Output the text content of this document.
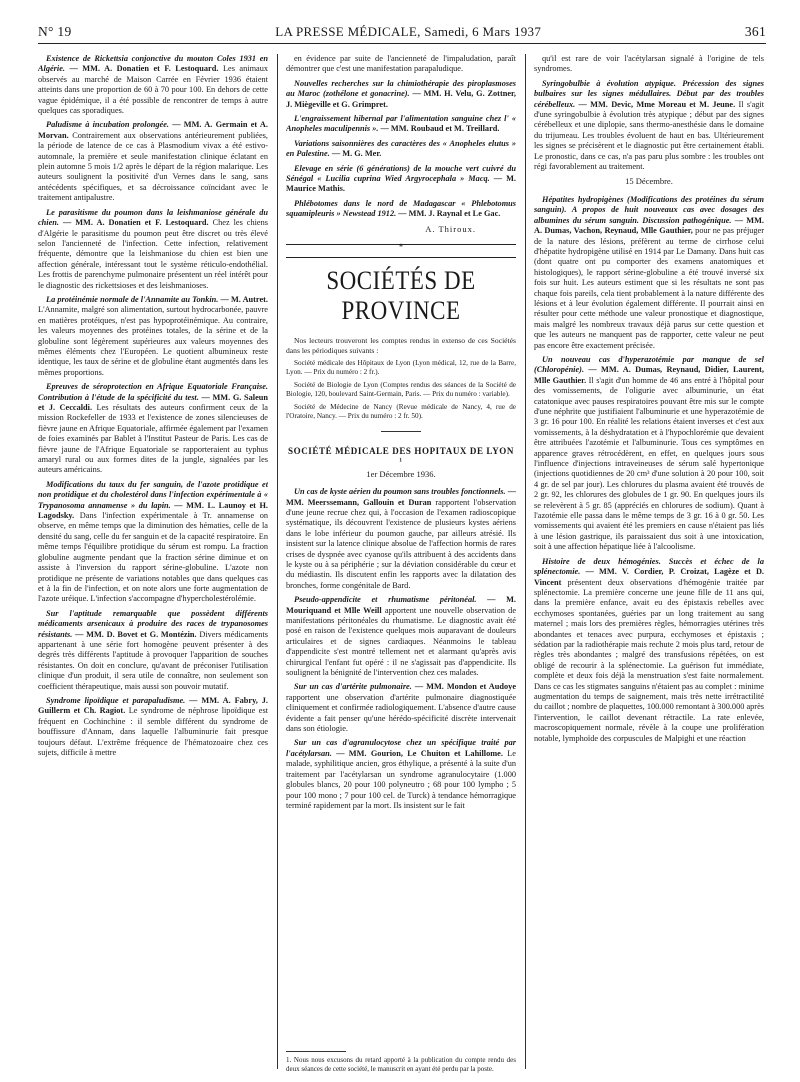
N° 19	LA PRESSE MÉDICALE, Samedi, 6 Mars 1937	361

Existence de Rickettsia conjonctive du mouton Coles 1931 en Algérie. — MM. A. Donatien et F. Lestoquard. Les animaux observés au marché de Maison Carrée en Février 1936 étaient atteints dans une proportion de 60 à 70 pour 100. En dehors de cette vague épidémique, il a été possible de rencontrer de temps à autre quelques cas sporadiques.

Paludisme à incubation prolongée. — MM. A. Germain et A. Morvan. Contrairement aux observations antérieurement publiées, la période de latence de ce cas à Plasmodium vivax a été estivo-automnale, la première et seule manifestation clinique éclatant en plein automne 5 mois 1/2 après le départ de la région malarique. Les auteurs soulignent la positivité d'un Vernes dans le sang, sans antécédents spécifiques, et sa décroissance coïncidant avec le traitement antipalustre.

Le parasitisme du poumon dans la leishmaniose générale du chien. — MM. A. Donatien et F. Lestoquard. Chez les chiens d'Algérie le parasitisme du poumon peut être discret ou très élevé selon l'ancienneté de l'infection. Cette infection, relativement fréquente, démontre que la leishmaniose du chien est bien une affection générale, intéressant tout le système réticulo-endothélial. Les frottis de parenchyme pulmonaire présentent un réel intérêt pour le diagnostic des rickettsioses et des leishmanioses.

La protéinémie normale de l'Annamite au Tonkin. — M. Autret. L'Annamite, malgré son alimentation, surtout hydrocarbonée, pauvre en matières protéiques, n'est pas hypoprotéinémique. Au contraire, les valeurs moyennes des protéines totales, de la sérine et de la globuline sont légèrement supérieures aux valeurs moyennes des mêmes éléments chez l'Européen. Le quotient albumineux reste identique, les taux de sérine et de globuline étant augmentés dans les mêmes proportions.

Epreuves de séroprotection en Afrique Equatoriale Française. Contribution à l'étude de la spécificité du test. — MM. G. Saleun et J. Ceccaldi. Les résultats des auteurs confirment ceux de la mission Rockefeller de 1933 et l'existence de zones silencieuses de fièvre jaune en Afrique Equatoriale, affirmée également par l'examen de foies examinés par Bablet à l'Institut Pasteur de Paris. Les cas de fièvre jaune de l'Afrique Equatoriale se rapporteraient au typhus amaryl rural ou aux formes dites de la jungle, signalées par les auteurs américains.

Modifications du taux du fer sanguin, de l'azote protidique et non protidique et du cholestérol dans l'infection expérimentale à « Trypanosoma annamense » du lapin. — MM. L. Launoy et H. Lagodsky. Dans l'infection expérimentale à Tr. annamense on observe, en même temps que la diminution des hématies, celle de la densité du sang, celle du fer sanguin et de la capacité respiratoire. En même temps l'équilibre protidique du sérum est rompu. La fraction globuline augmente pendant que la fraction sérine diminue et on assiste à l'inversion du rapport sérine-globuline. L'azote non protidique ne présente de variations notables que dans quelques cas et à la fin de l'infection, et on note alors une forte augmentation de l'azote uréique. L'infection s'accompagne d'hypercholestérolémie.

Sur l'aptitude remarquable que possèdent différents médicaments arsenicaux à produire des races de trypanosomes résistants. — MM. D. Bovet et G. Montézin. Divers médicaments appartenant à une série fort homogène peuvent présenter à des degrés très différents l'aptitude à provoquer l'apparition de souches résistantes. On doit en conclure, qu'avant de préconiser l'utilisation clinique d'un produit, il sera utile de connaître, non seulement son coefficient thérapeutique, mais aussi son pouvoir mutatif.

Syndrome lipoïdique et parapaludisme. — MM. A. Fabry, J. Guillerm et Ch. Ragiot. Le syndrome de néphrose lipoïdique est fréquent en Cochinchine : il semble différent du syndrome de bouffissure d'Annam, dans laquelle l'albuminurie fait presque toujours défaut. L'extrême fréquence de l'hématozoaire chez ces sujets, difficile à mettre

en évidence par suite de l'ancienneté de l'impaludation, paraît démontrer que c'est une manifestation parapaludique.

Nouvelles recherches sur la chimiothérapie des piroplasmoses au Maroc (zothélone et gonacrine). — MM. H. Velu, G. Zottner, J. Miègeville et G. Grimpret.

L'engraissement hibernal par l'alimentation sanguine chez l' « Anopheles maculipennis ». — MM. Roubaud et M. Treillard.

Variations saisonnières des caractères des « Anopheles elutus » en Palestine. — M. G. Mer.

Elevage en série (6 générations) de la mouche vert cuivré du Sénégal « Lucilia cuprina Wied Argyrocephala » Macq. — M. Maurice Mathis.

Phlébotomes dans le nord de Madagascar « Phlebotomus squamipleuris » Newstead 1912. — MM. J. Raynal et Le Gac.

A. Thiroux.
*
SOCIÉTÉS DE PROVINCE

Nos lecteurs trouveront les comptes rendus in extenso de ces Sociétés dans les périodiques suivants :

Société médicale des Hôpitaux de Lyon (Lyon médical, 12, rue de la Barre, Lyon. — Prix du numéro : 2 fr.).

Société de Biologie de Lyon (Comptes rendus des séances de la Société de Biologie, 120, boulevard Saint-Germain, Paris. — Prix du numéro : variable).

Société de Médecine de Nancy (Revue médicale de Nancy, 4, rue de l'Oratoire, Nancy. — Prix du numéro : 2 fr. 50).

SOCIÉTÉ MÉDICALE DES HOPITAUX DE LYON ¹
1er Décembre 1936.

Un cas de kyste aérien du poumon sans troubles fonctionnels. — MM. Meerssemann, Gallouin et Duran rapportent l'observation d'une jeune recrue chez qui, à l'occasion de l'examen radioscopique systématique, ils découvrent l'existence de plusieurs kystes aériens dans le lobe inférieur du poumon gauche, par ailleurs atrésié. Ils insistent sur la latence clinique absolue de l'affection hormis de rares crises de dyspnée avec cyanose qu'ils attribuent à des accidents dans le kyste ou à sa périphérie ; sur la déviation considérable du cœur et du médiastin. Ils discutent enfin les rapports avec la dilatation des bronches, forme congénitale de Bard.

Pseudo-appendicite et rhumatisme péritonéal. — M. Mouriquand et Mlle Weill apportent une nouvelle observation de manifestations péritonéales du rhumatisme. Le diagnostic avait été posé en raison de l'existence quelques mois auparavant de douleurs articulaires et de signes cardiaques. Néanmoins le tableau d'appendicite s'est montré tellement net et alarmant qu'après avis chirurgical l'enfant fut opéré : il ne s'agissait pas d'appendicite. Ils soulignent la bénignité de l'intervention chez ces malades.

Sur un cas d'artérite pulmonaire. — MM. Mondon et Audoye rapportent une observation d'artérite pulmonaire diagnostiquée cliniquement et confirmée radiologiquement. L'absence d'autre cause évidente a fait penser qu'une hérédo-spécificité discrète intervenait dans son étiologie.

Sur un cas d'agranulocytose chez un spécifique traité par l'acétylarsan. — MM. Gourion, Le Chuiton et Lahillome. Le malade, syphilitique ancien, gros éthylique, a présenté à la suite d'un traitement par l'acétylarsan un syndrome agranulocytaire (1.000 globules blancs, 20 pour 100 polyneutro ; 68 pour 100 lympho ; 5 pour 100 mono ; 7 pour 100 cel. de Turck) à tendance hémorragique terminé rapidement par la mort. Ils insistent sur le fait

1. Nous nous excusons du retard apporté à la publication du compte rendu des deux séances de cette société, le manuscrit en ayant été perdu par la poste.

qu'il est rare de voir l'acétylarsan signalé à l'origine de tels syndromes.

Syringobulbie à évolution atypique. Précession des signes bulbaires sur les signes médullaires. Début par des troubles cérébelleux. — MM. Devic, Mme Moreau et M. Jeune. Il s'agit d'une syringobulbie à évolution très atypique ; début par des signes cérébelleux et une diplopie, sans thermo-anesthésie dans le domaine du trijumeau. Les troubles évoluent de haut en bas. Ultérieurement les signes se précisèrent et le diagnostic put être certainement établi. Le pronostic, dans ce cas, n'a pas paru plus sombre : les troubles ont régi favorablement au traitement.

15 Décembre.

Hépatites hydropigènes (Modifications des protéines du sérum sanguin). A propos de huit nouveaux cas avec dosages des albumines du sérum sanguin. Discussion pathogénique. — MM. A. Dumas, Vachon, Reynaud, Mlle Gauthier, pour ne pas préjuger de la nature des lésions, préfèrent au terme de cirrhose celui d'hépatite hydropigène utilisé en 1914 par Le Damany. Dans huit cas (dont quatre ont pu comporter des examens anatomiques et histologiques), le rapport sérine-globuline a été trouvé inversé six fois sur huit. Les auteurs estiment que si les résultats ne sont pas chaque fois pareils, cela tient probablement à la nature différente des lésions et à leur évolution également différente. Il pourrait ainsi en résulter pour cette méthode une valeur pronostique et diagnostique, mais malgré les nombreux travaux déjà parus sur cette question et que les auteurs ne manquent pas de rapporter, cette valeur ne peut pas encore être exactement précisée.

Un nouveau cas d'hyperazotémie par manque de sel (Chloropénie). — MM. A. Dumas, Reynaud, Didier, Laurent, Mlle Gauthier. Il s'agit d'un homme de 46 ans entré à l'hôpital pour des vomissements, de l'oligurie avec albuminurie, un état catatonique avec pauses respiratoires pouvant être mis sur le compte d'une néphrite que justifiaient l'albuminurie et une hyperazotémie de 3 gr. 16 pour 100. En réalité les relations étaient inverses et c'est aux vomissements, à la déshydratation et à l'hypochlorémie que devaient être attribuées l'azotémie et l'albuminurie. Tous ces symptômes en apparence graves rétrocédèrent, en effet, en quelques jours sous l'influence d'injections intraveineuses de sérum salé hypertonique (injections quotidiennes de 20 cm³ d'une solution à 20 pour 100, soit 4 gr. de sel par jour). Les chlorures du plasma avaient été trouvés de 2 gr. 92, les chlorures des globules de 1 gr. 90. En quelques jours ils se relevèrent à 5 gr. 85 (appréciés en chlorures de sodium). Quant à l'azotémie elle passa dans le même temps de 3 gr. 16 à 0 gr. 50. Les vomissements qui avaient été les premiers en cause n'étaient pas liés à une lésion gastrique, ils paraissaient dus soit à une intoxication, soit à une affection hépatique liée à l'alcoolisme.

Histoire de deux hémogénies. Succès et échec de la splénectomie. — MM. V. Cordier, P. Croizat, Lagèze et D. Vincent présentent deux observations d'hémogénie traitée par splénectomie. La première concerne une jeune fille de 11 ans qui, dans la première enfance, avait eu des épistaxis rebelles avec ecchymoses spontanées, guéries par un long traitement au sang maternel ; mais lors des premières règles, hémorragies utérines très abondantes et tenaces avec purpura, ecchymoses et épistaxis ; sédation par la radiothérapie mais rechute 2 mois plus tard, retour de règles très abondantes ; malgré des transfusions répétées, on est obligé de recourir à la splénectomie. La guérison fut immédiate, complète et deux fois déjà la menstruation s'est faite normalement. Dans ce cas les stigmates sanguins n'étaient pas au complet : minime augmentation du temps de saignement, mais très nette irrétractilité du caillot ; nombre de plaquettes, 100.000 remontant à 300.000 après l'intervention, le caillot devenant rétractile. La rate enlevée, macroscopiquement normale, révèle à la coupe une prolifération notable, lymphoïde des corpuscules de Malpighi et une réaction
